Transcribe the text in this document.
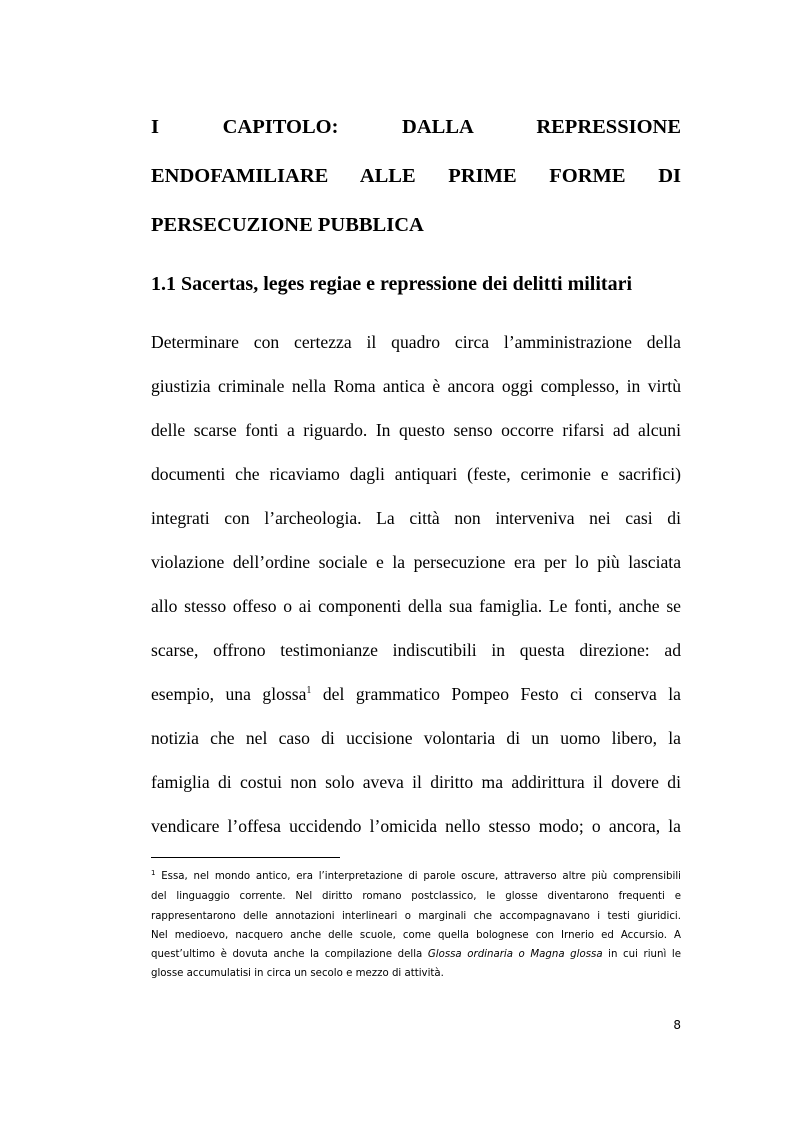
I CAPITOLO: DALLA REPRESSIONE
ENDOFAMILIARE ALLE PRIME FORME DI
PERSECUZIONE PUBBLICA
1.1 Sacertas, leges regiae e repressione dei delitti militari
Determinare con certezza il quadro circa l’amministrazione della
giustizia criminale nella Roma antica è ancora oggi complesso, in virtù
delle scarse fonti a riguardo. In questo senso occorre rifarsi ad alcuni
documenti che ricaviamo dagli antiquari (feste, cerimonie e sacrifici)
integrati con l’archeologia. La città non interveniva nei casi di
violazione dell’ordine sociale e la persecuzione era per lo più lasciata
allo stesso offeso o ai componenti della sua famiglia. Le fonti, anche se
scarse, offrono testimonianze indiscutibili in questa direzione: ad
esempio, una glossa$^1$ del grammatico Pompeo Festo ci conserva la
notizia che nel caso di uccisione volontaria di un uomo libero, la
famiglia di costui non solo aveva il diritto ma addirittura il dovere di
vendicare l’offesa uccidendo l’omicida nello stesso modo; o ancora, la
$^1$ Essa, nel mondo antico, era l’interpretazione di parole oscure, attraverso altre più comprensibili
del linguaggio corrente. Nel diritto romano postclassico, le glosse diventarono frequenti e
rappresentarono delle annotazioni interlineari o marginali che accompagnavano i testi giuridici.
Nel medioevo, nacquero anche delle scuole, come quella bolognese con Irnerio ed Accursio. A
quest’ultimo è dovuta anche la compilazione della Glossa ordinaria o Magna glossa in cui riunì le
glosse accumulatisi in circa un secolo e mezzo di attività.
8
